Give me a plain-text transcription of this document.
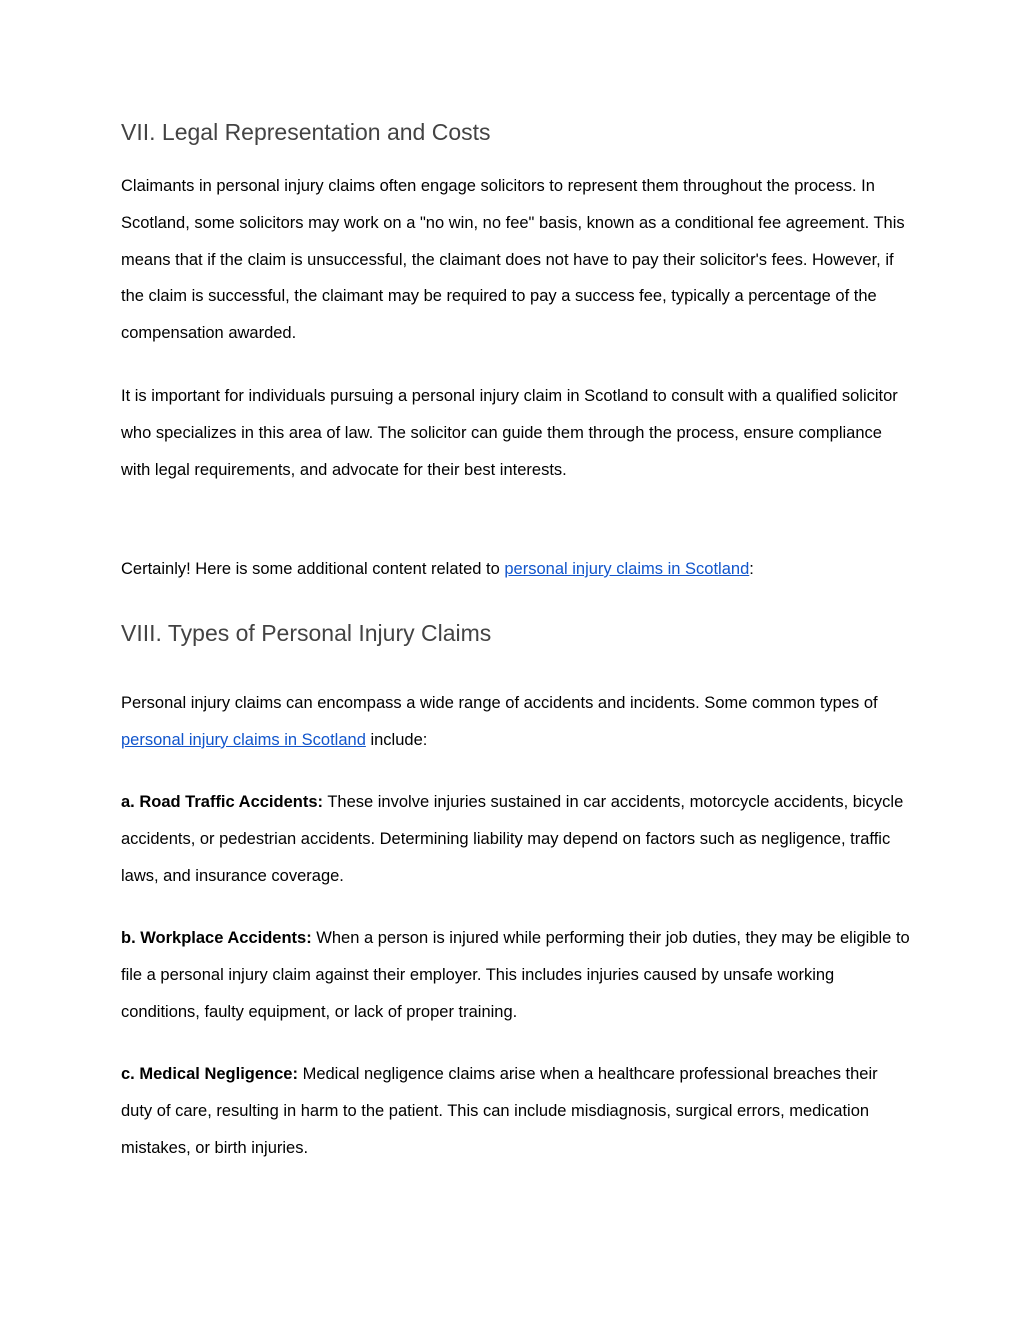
VII. Legal Representation and Costs

Claimants in personal injury claims often engage solicitors to represent them throughout the process. In Scotland, some solicitors may work on a "no win, no fee" basis, known as a conditional fee agreement. This means that if the claim is unsuccessful, the claimant does not have to pay their solicitor's fees. However, if the claim is successful, the claimant may be required to pay a success fee, typically a percentage of the compensation awarded.

It is important for individuals pursuing a personal injury claim in Scotland to consult with a qualified solicitor who specializes in this area of law. The solicitor can guide them through the process, ensure compliance with legal requirements, and advocate for their best interests.

Certainly! Here is some additional content related to personal injury claims in Scotland:

VIII. Types of Personal Injury Claims

Personal injury claims can encompass a wide range of accidents and incidents. Some common types of personal injury claims in Scotland include:

a. Road Traffic Accidents: These involve injuries sustained in car accidents, motorcycle accidents, bicycle accidents, or pedestrian accidents. Determining liability may depend on factors such as negligence, traffic laws, and insurance coverage.

b. Workplace Accidents: When a person is injured while performing their job duties, they may be eligible to file a personal injury claim against their employer. This includes injuries caused by unsafe working conditions, faulty equipment, or lack of proper training.

c. Medical Negligence: Medical negligence claims arise when a healthcare professional breaches their duty of care, resulting in harm to the patient. This can include misdiagnosis, surgical errors, medication mistakes, or birth injuries.
